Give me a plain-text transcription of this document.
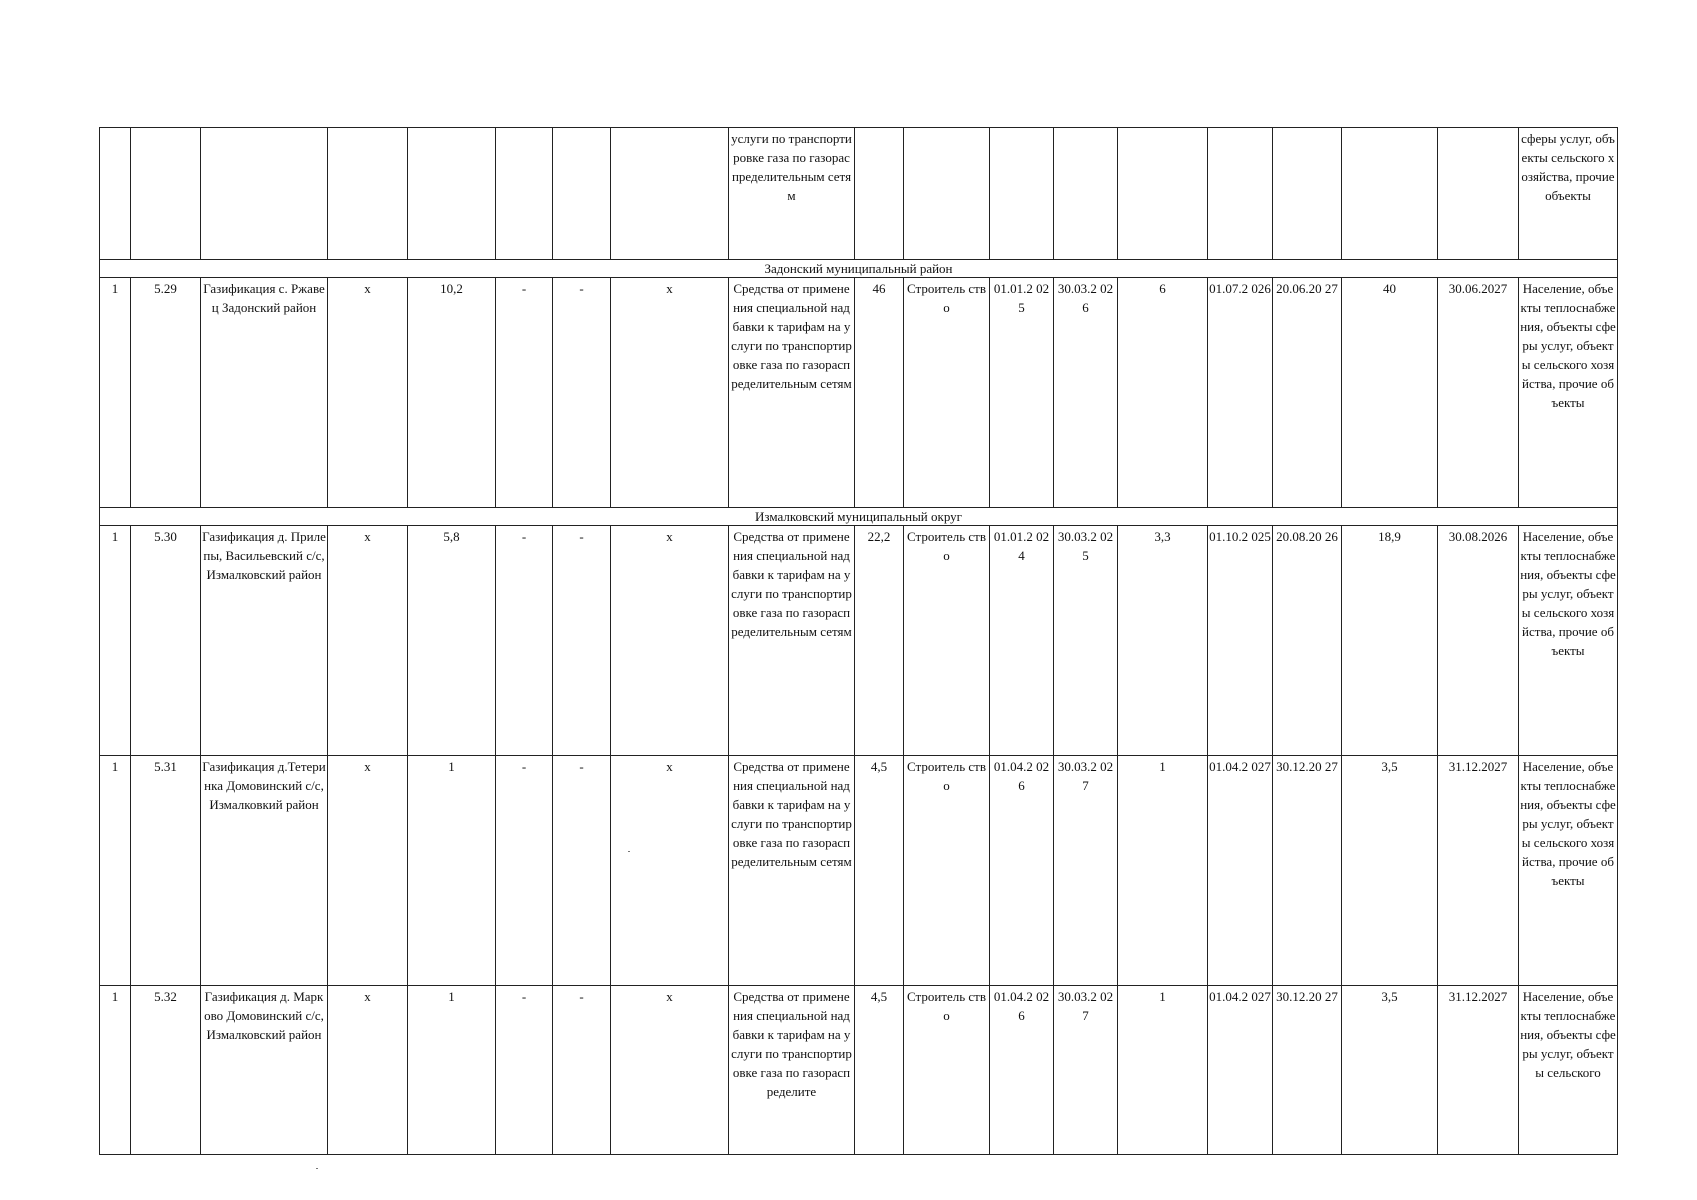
								услуги по транспортировке газа по газораспределительным сетям										сферы услуг, объекты сельского хозяйства, прочие объекты
Задонский муниципальный район																		
1	5.29	Газификация с. Ржавец Задонский район	х	10,2	-	-	х	Средства от применения специальной надбавки к тарифам на услуги по транспортировке газа по газораспределительным сетям	46	Строитель ство	01.01.2 025	30.03.2 026	6	01.07.2 026	20.06.20 27	40	30.06.2027	Население, объекты теплоснабже ния, объекты сферы услуг, объекты сельского хозяйства, прочие объекты
Измалковский муниципальный округ																		
1	5.30	Газификация д. Прилепы, Васильевский с/с, Измалковский район	х	5,8	-	-	х	Средства от применения специальной надбавки к тарифам на услуги по транспортировке газа по газораспределительным сетям	22,2	Строитель ство	01.01.2 024	30.03.2 025	3,3	01.10.2 025	20.08.20 26	18,9	30.08.2026	Население, объекты теплоснабже ния, объекты сферы услуг, объекты сельского хозяйства, прочие объекты
1	5.31	Газификация д.Тетеринка Домовинский с/с, Измалковкий район	х	1	-	-	х	Средства от применения специальной надбавки к тарифам на услуги по транспортировке газа по газораспределительным сетям	4,5	Строитель ство	01.04.2 026	30.03.2 027	1	01.04.2 027	30.12.20 27	3,5	31.12.2027	Население, объекты теплоснабже ния, объекты сферы услуг, объекты сельского хозяйства, прочие объекты
1	5.32	Газификация д. Марково Домовинский с/с, Измалковский район	х	1	-	-	х	Средства от применения специальной надбавки к тарифам на услуги по транспортировке газа по газораспределите	4,5	Строитель ство	01.04.2 026	30.03.2 027	1	01.04.2 027	30.12.20 27	3,5	31.12.2027	Население, объекты теплоснабже ния, объекты сферы услуг, объекты сельского
